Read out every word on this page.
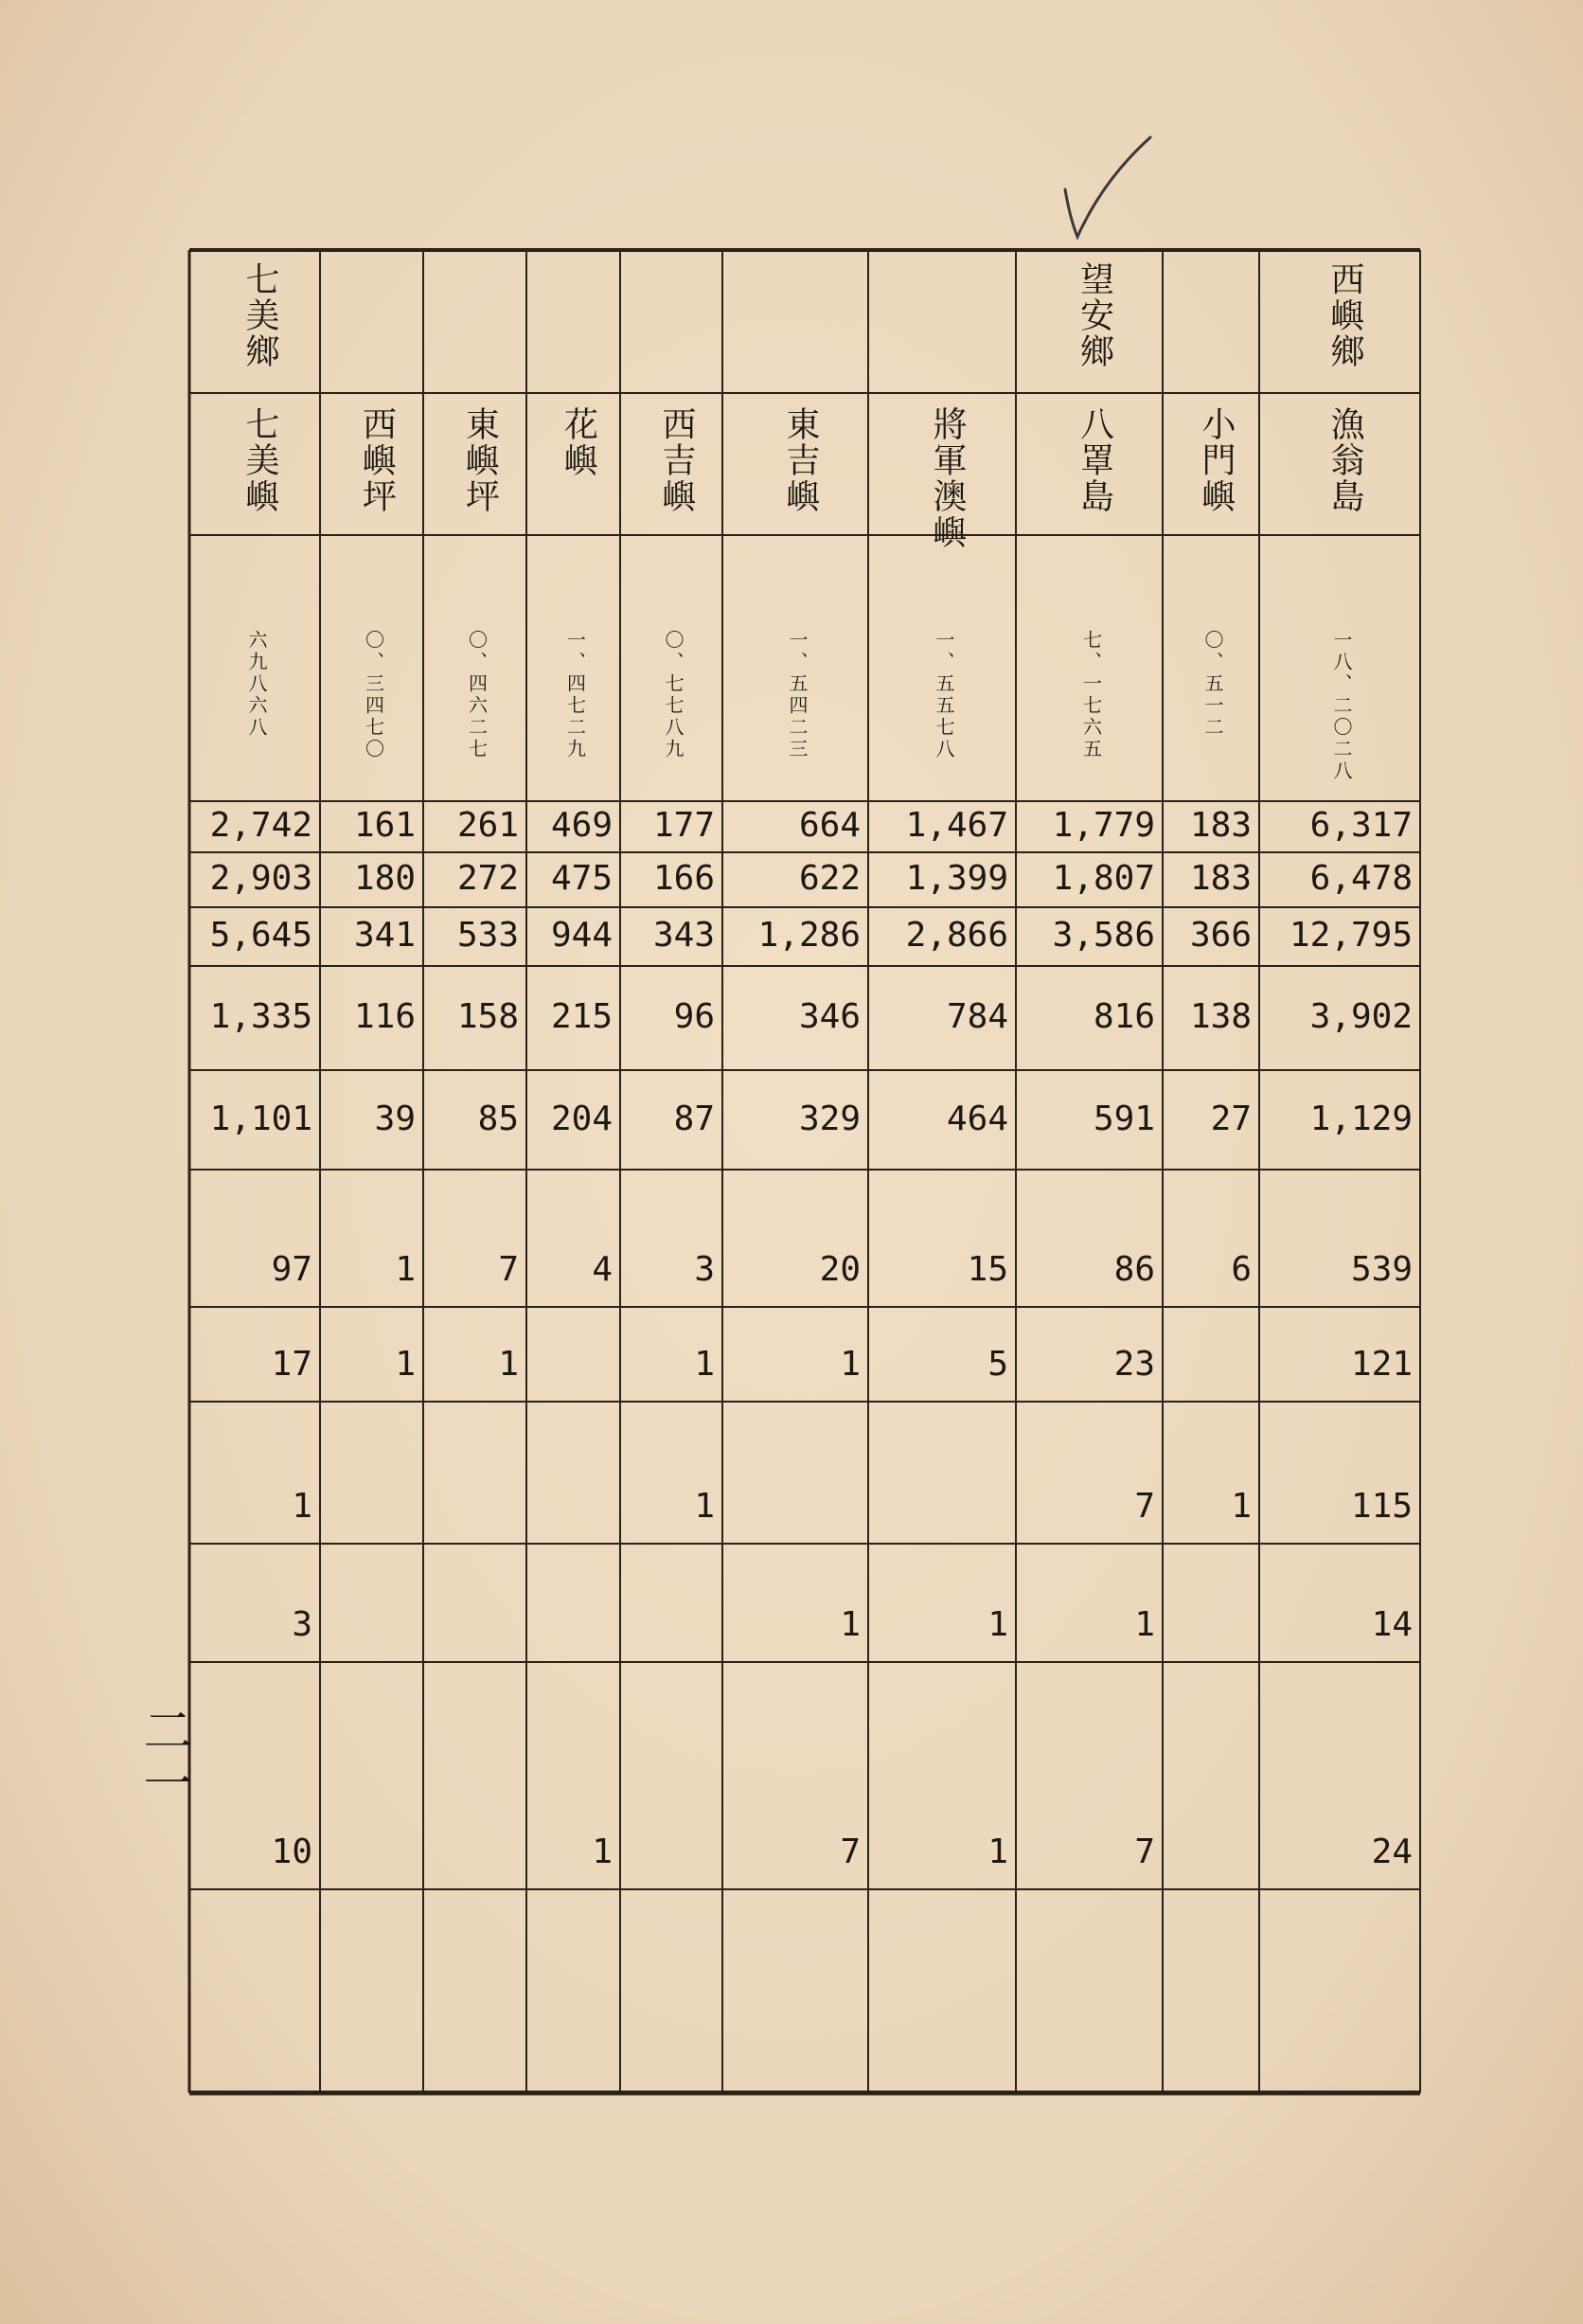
七美鄉
七美嶼
六九八六八
2,742
2,903
5,645
1,335
1,101
97
17
1
3
10
西嶼坪
〇、三四七〇
161
180
341
116
39
1
1
東嶼坪
〇、四六二七
261
272
533
158
85
7
1
花嶼
一、四七二九
469
475
944
215
204
4
1
西吉嶼
〇、七七八九
177
166
343
96
87
3
1
1
東吉嶼
一、五四二三
664
622
1,286
346
329
20
1
1
7
將軍澳嶼
一、五五七八
1,467
1,399
2,866
784
464
15
5
1
1
望安鄉
八罩島
七、一七六五
1,779
1,807
3,586
816
591
86
23
7
1
7
小門嶼
〇、五一二
183
183
366
138
27
6
1
西嶼鄉
漁翁島
一八、二〇二八
6,317
6,478
12,795
3,902
1,129
539
121
115
14
24
二一
